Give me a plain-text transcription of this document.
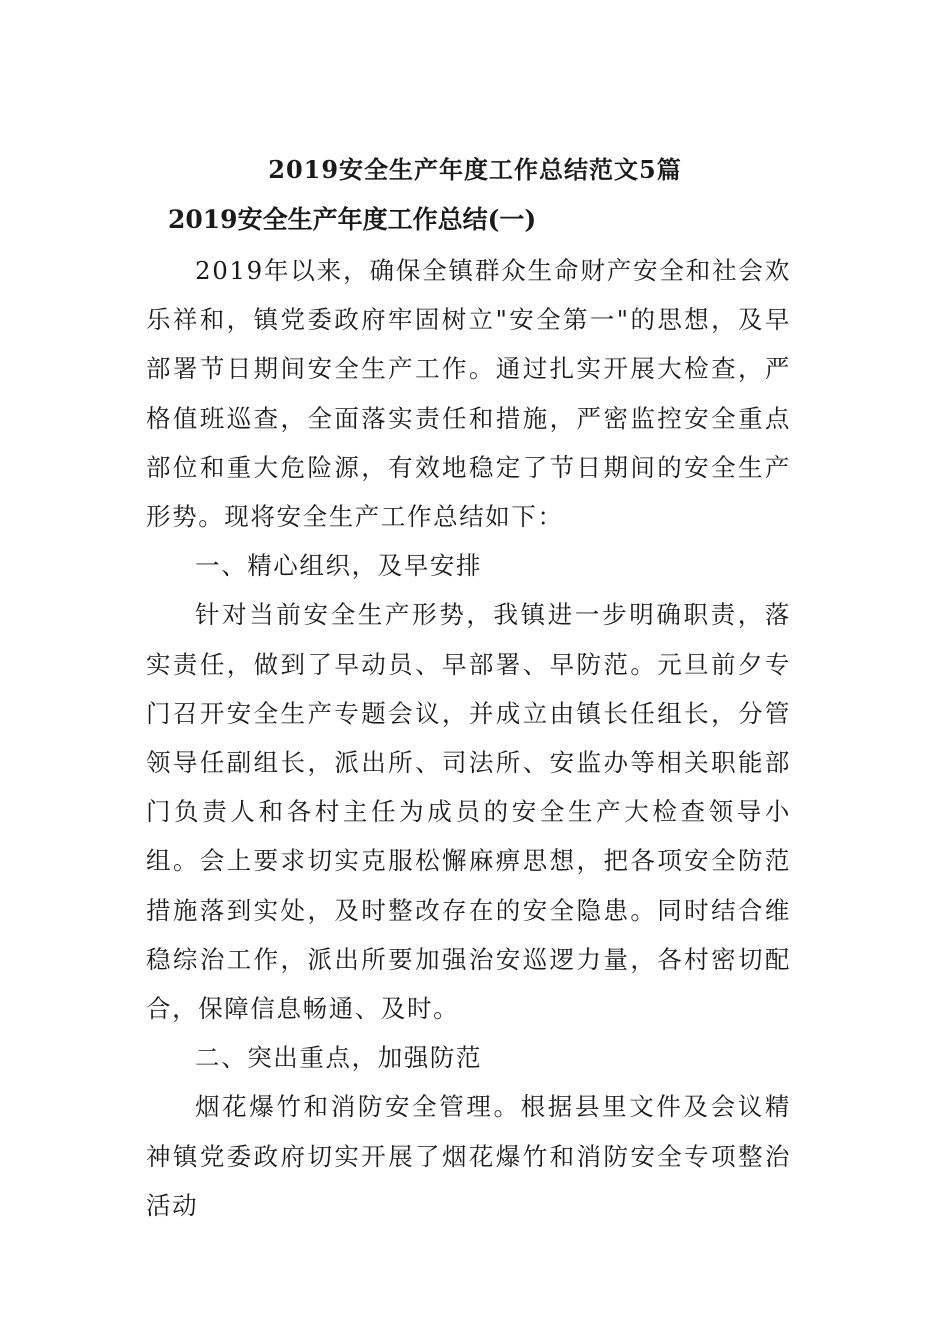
2019安全生产年度工作总结范文5篇
2019安全生产年度工作总结(一)

2019年以来，确保全镇群众生命财产安全和社会欢乐祥和，镇党委政府牢固树立"安全第一"的思想，及早部署节日期间安全生产工作。通过扎实开展大检查，严格值班巡查，全面落实责任和措施，严密监控安全重点部位和重大危险源，有效地稳定了节日期间的安全生产形势。现将安全生产工作总结如下：

一、精心组织，及早安排

针对当前安全生产形势，我镇进一步明确职责，落实责任，做到了早动员、早部署、早防范。元旦前夕专门召开安全生产专题会议，并成立由镇长任组长，分管领导任副组长，派出所、司法所、安监办等相关职能部门负责人和各村主任为成员的安全生产大检查领导小组。会上要求切实克服松懈麻痹思想，把各项安全防范措施落到实处，及时整改存在的安全隐患。同时结合维稳综治工作，派出所要加强治安巡逻力量，各村密切配合，保障信息畅通、及时。

二、突出重点，加强防范

烟花爆竹和消防安全管理。根据县里文件及会议精神镇党委政府切实开展了烟花爆竹和消防安全专项整治活动
